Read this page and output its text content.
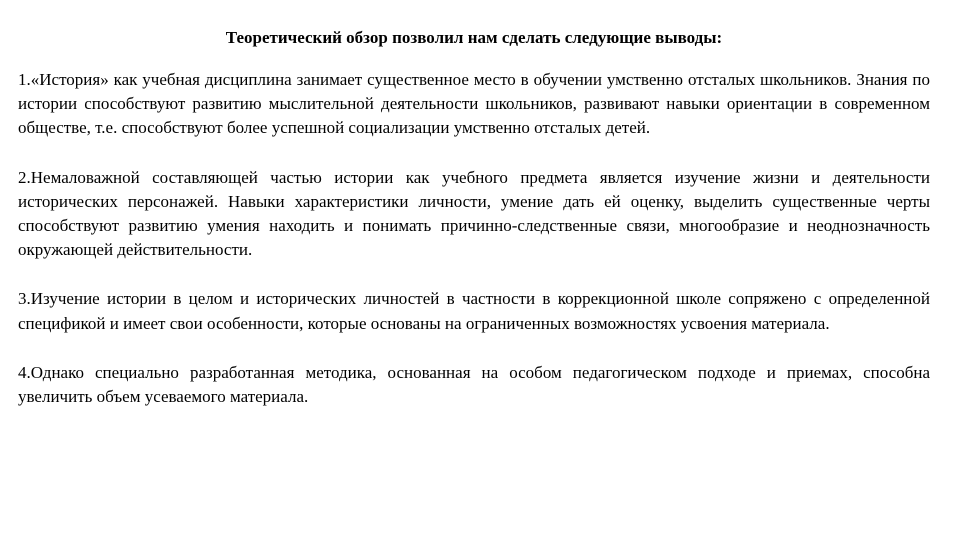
Теоретический обзор позволил нам сделать следующие выводы:

1.«История» как учебная дисциплина занимает существенное место в обучении умственно отсталых школьников. Знания по истории способствуют развитию мыслительной деятельности школьников, развивают навыки ориентации в современном обществе, т.е. способствуют более успешной социализации умственно отсталых детей.

2.Немаловажной составляющей частью истории как учебного предмета является изучение жизни и деятельности исторических персонажей. Навыки характеристики личности, умение дать ей оценку, выделить существенные черты способствуют развитию умения находить и понимать причинно-следственные связи, многообразие и неоднозначность окружающей действительности.

3.Изучение истории в целом и исторических личностей в частности в коррекционной школе сопряжено с определенной спецификой и имеет свои особенности, которые основаны на ограниченных возможностях усвоения материала.

4.Однако специально разработанная методика, основанная на особом педагогическом подходе и приемах, способна увеличить объем усеваемого материала.
